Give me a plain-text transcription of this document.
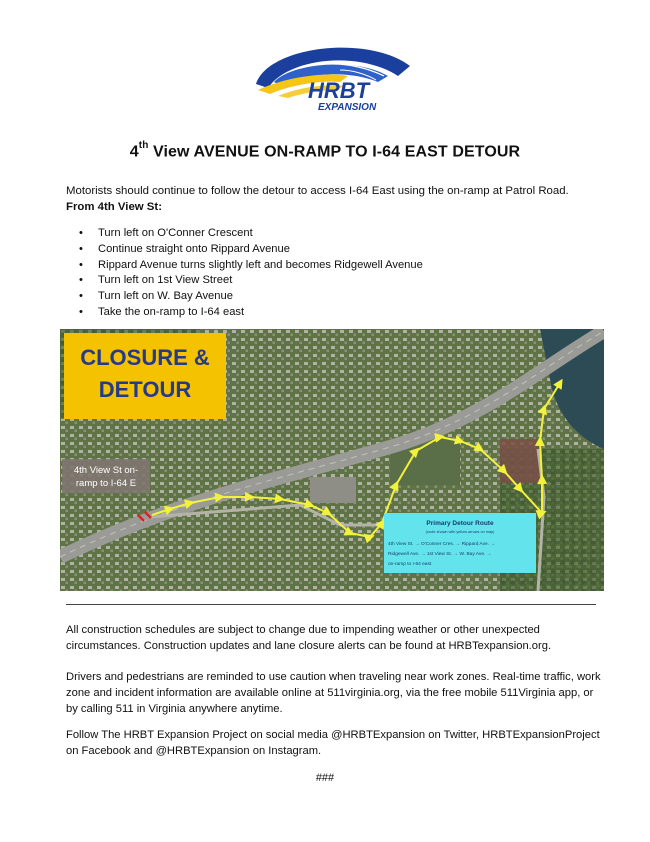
HRBT
EXPANSION
4th View AVENUE ON-RAMP TO I-64 EAST DETOUR
Motorists should continue to follow the detour to access I-64 East using the on-ramp at Patrol Road.
From 4th View St:
• Turn left on O'Conner Crescent
• Continue straight onto Rippard Avenue
• Rippard Avenue turns slightly left and becomes Ridgewell Avenue
• Turn left on 1st View Street
• Turn left on W. Bay Avenue
• Take the on-ramp to I-64 east
CLOSURE &
DETOUR
4th View St on-
ramp to I-64 E
Primary Detour Route
(route shown with yellow arrows on map)
4th View St. → O'Conner Cres. → Rippard Ave. →
Ridgewell Ave. → 1st View St. → W. Bay Ave. →
on-ramp to I-64 east
All construction schedules are subject to change due to impending weather or other unexpected circumstances. Construction updates and lane closure alerts can be found at HRBTexpansion.org.
Drivers and pedestrians are reminded to use caution when traveling near work zones. Real-time traffic, work zone and incident information are available online at 511virginia.org, via the free mobile 511Virginia app, or by calling 511 in Virginia anywhere anytime.
Follow The HRBT Expansion Project on social media @HRBTExpansion on Twitter, HRBTExpansionProject on Facebook and @HRBTExpansion on Instagram.
###
